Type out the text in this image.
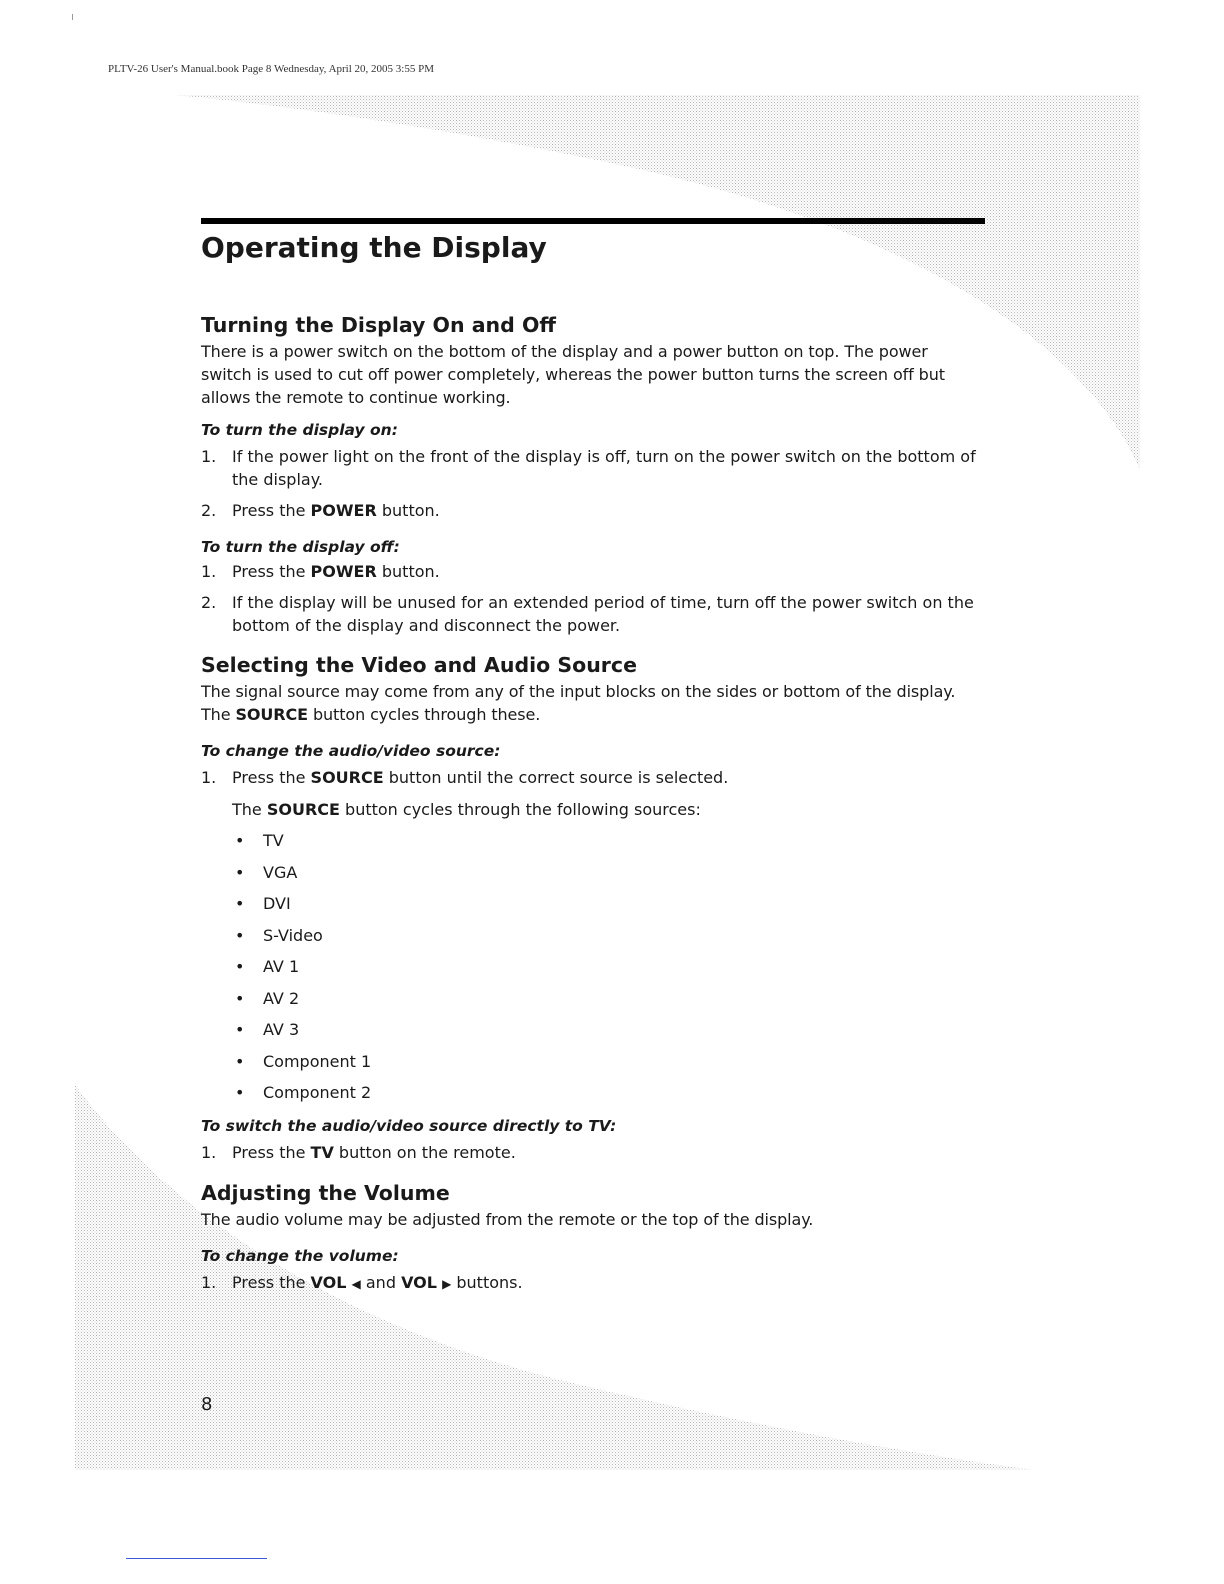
PLTV-26 User's Manual.book Page 8 Wednesday, April 20, 2005 3:55 PM
Operating the Display
Turning the Display On and Off

There is a power switch on the bottom of the display and a power button on top. The power switch is used to cut off power completely, whereas the power button turns the screen off but allows the remote to continue working.

To turn the display on:
1. If the power light on the front of the display is off, turn on the power switch on the bottom of the display.
2. Press the POWER button.
To turn the display off:
1. Press the POWER button.
2. If the display will be unused for an extended period of time, turn off the power switch on the bottom of the display and disconnect the power.
Selecting the Video and Audio Source

The signal source may come from any of the input blocks on the sides or bottom of the display.

The SOURCE button cycles through these.

To change the audio/video source:
1. Press the SOURCE button until the correct source is selected.
The SOURCE button cycles through the following sources:
• TV
• VGA
• DVI
• S-Video
• AV 1
• AV 2
• AV 3
• Component 1
• Component 2
To switch the audio/video source directly to TV:
1. Press the TV button on the remote.
Adjusting the Volume

The audio volume may be adjusted from the remote or the top of the display.

To change the volume:
1. Press the VOL ◀ and VOL ▶ buttons.
8
